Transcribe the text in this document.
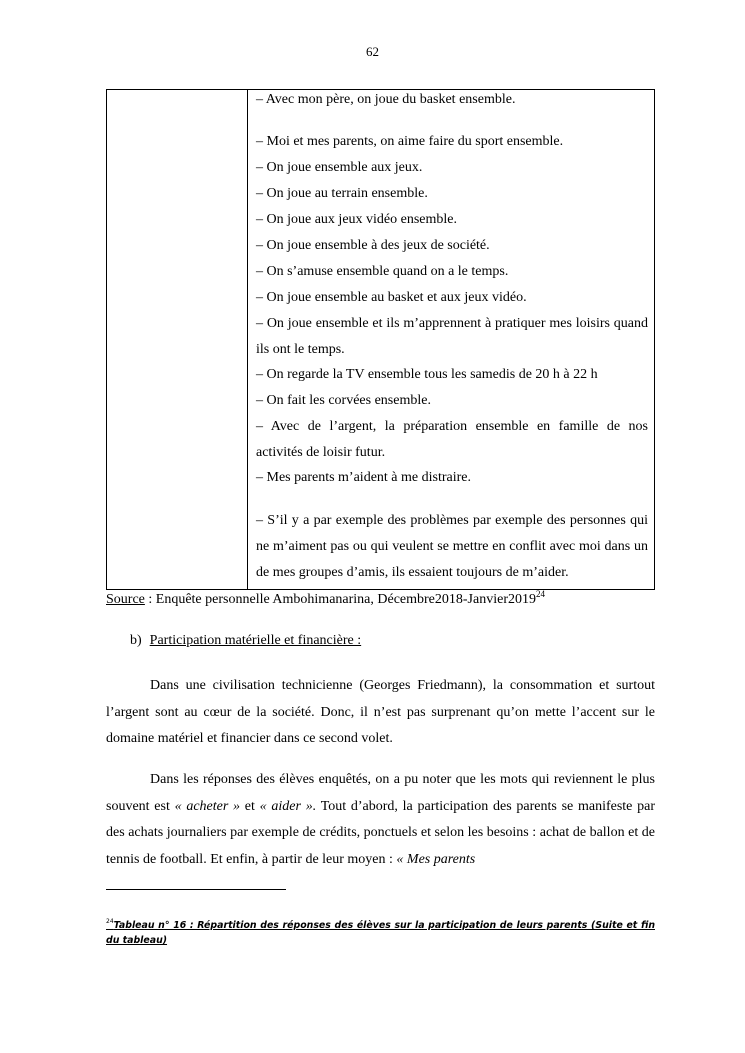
62

– Avec mon père, on joue du basket ensemble.

– Moi et mes parents, on aime faire du sport ensemble.

– On joue ensemble aux jeux.

– On joue au terrain ensemble.

– On joue aux jeux vidéo ensemble.

– On joue ensemble à des jeux de société.

– On s’amuse ensemble quand on a le temps.

– On joue ensemble au basket et aux jeux vidéo.

– On joue ensemble et ils m’apprennent à pratiquer mes loisirs quand ils ont le temps.

– On regarde la TV ensemble tous les samedis de 20 h à 22 h

– On fait les corvées ensemble.

– Avec de l’argent, la préparation ensemble en famille de nos activités de loisir futur.

– Mes parents m’aident à me distraire.

– S’il y a par exemple des problèmes par exemple des personnes qui ne m’aiment pas ou qui veulent se mettre en conflit avec moi dans un de mes groupes d’amis, ils essaient toujours de m’aider.

Source : Enquête personnelle Ambohimanarina, Décembre2018-Janvier2019$^{24}$
b) Participation matérielle et financière :

Dans une civilisation technicienne (Georges Friedmann), la consommation et surtout l’argent sont au cœur de la société. Donc, il n’est pas surprenant qu’on mette l’accent sur le domaine matériel et financier dans ce second volet.

Dans les réponses des élèves enquêtés, on a pu noter que les mots qui reviennent le plus souvent est « acheter » et « aider ». Tout d’abord, la participation des parents se manifeste par des achats journaliers par exemple de crédits, ponctuels et selon les besoins : achat de ballon et de tennis de football. Et enfin, à partir de leur moyen : « Mes parents

$^{24}$Tableau n° 16 : Répartition des réponses des élèves sur la participation de leurs parents (Suite et fin du tableau)
